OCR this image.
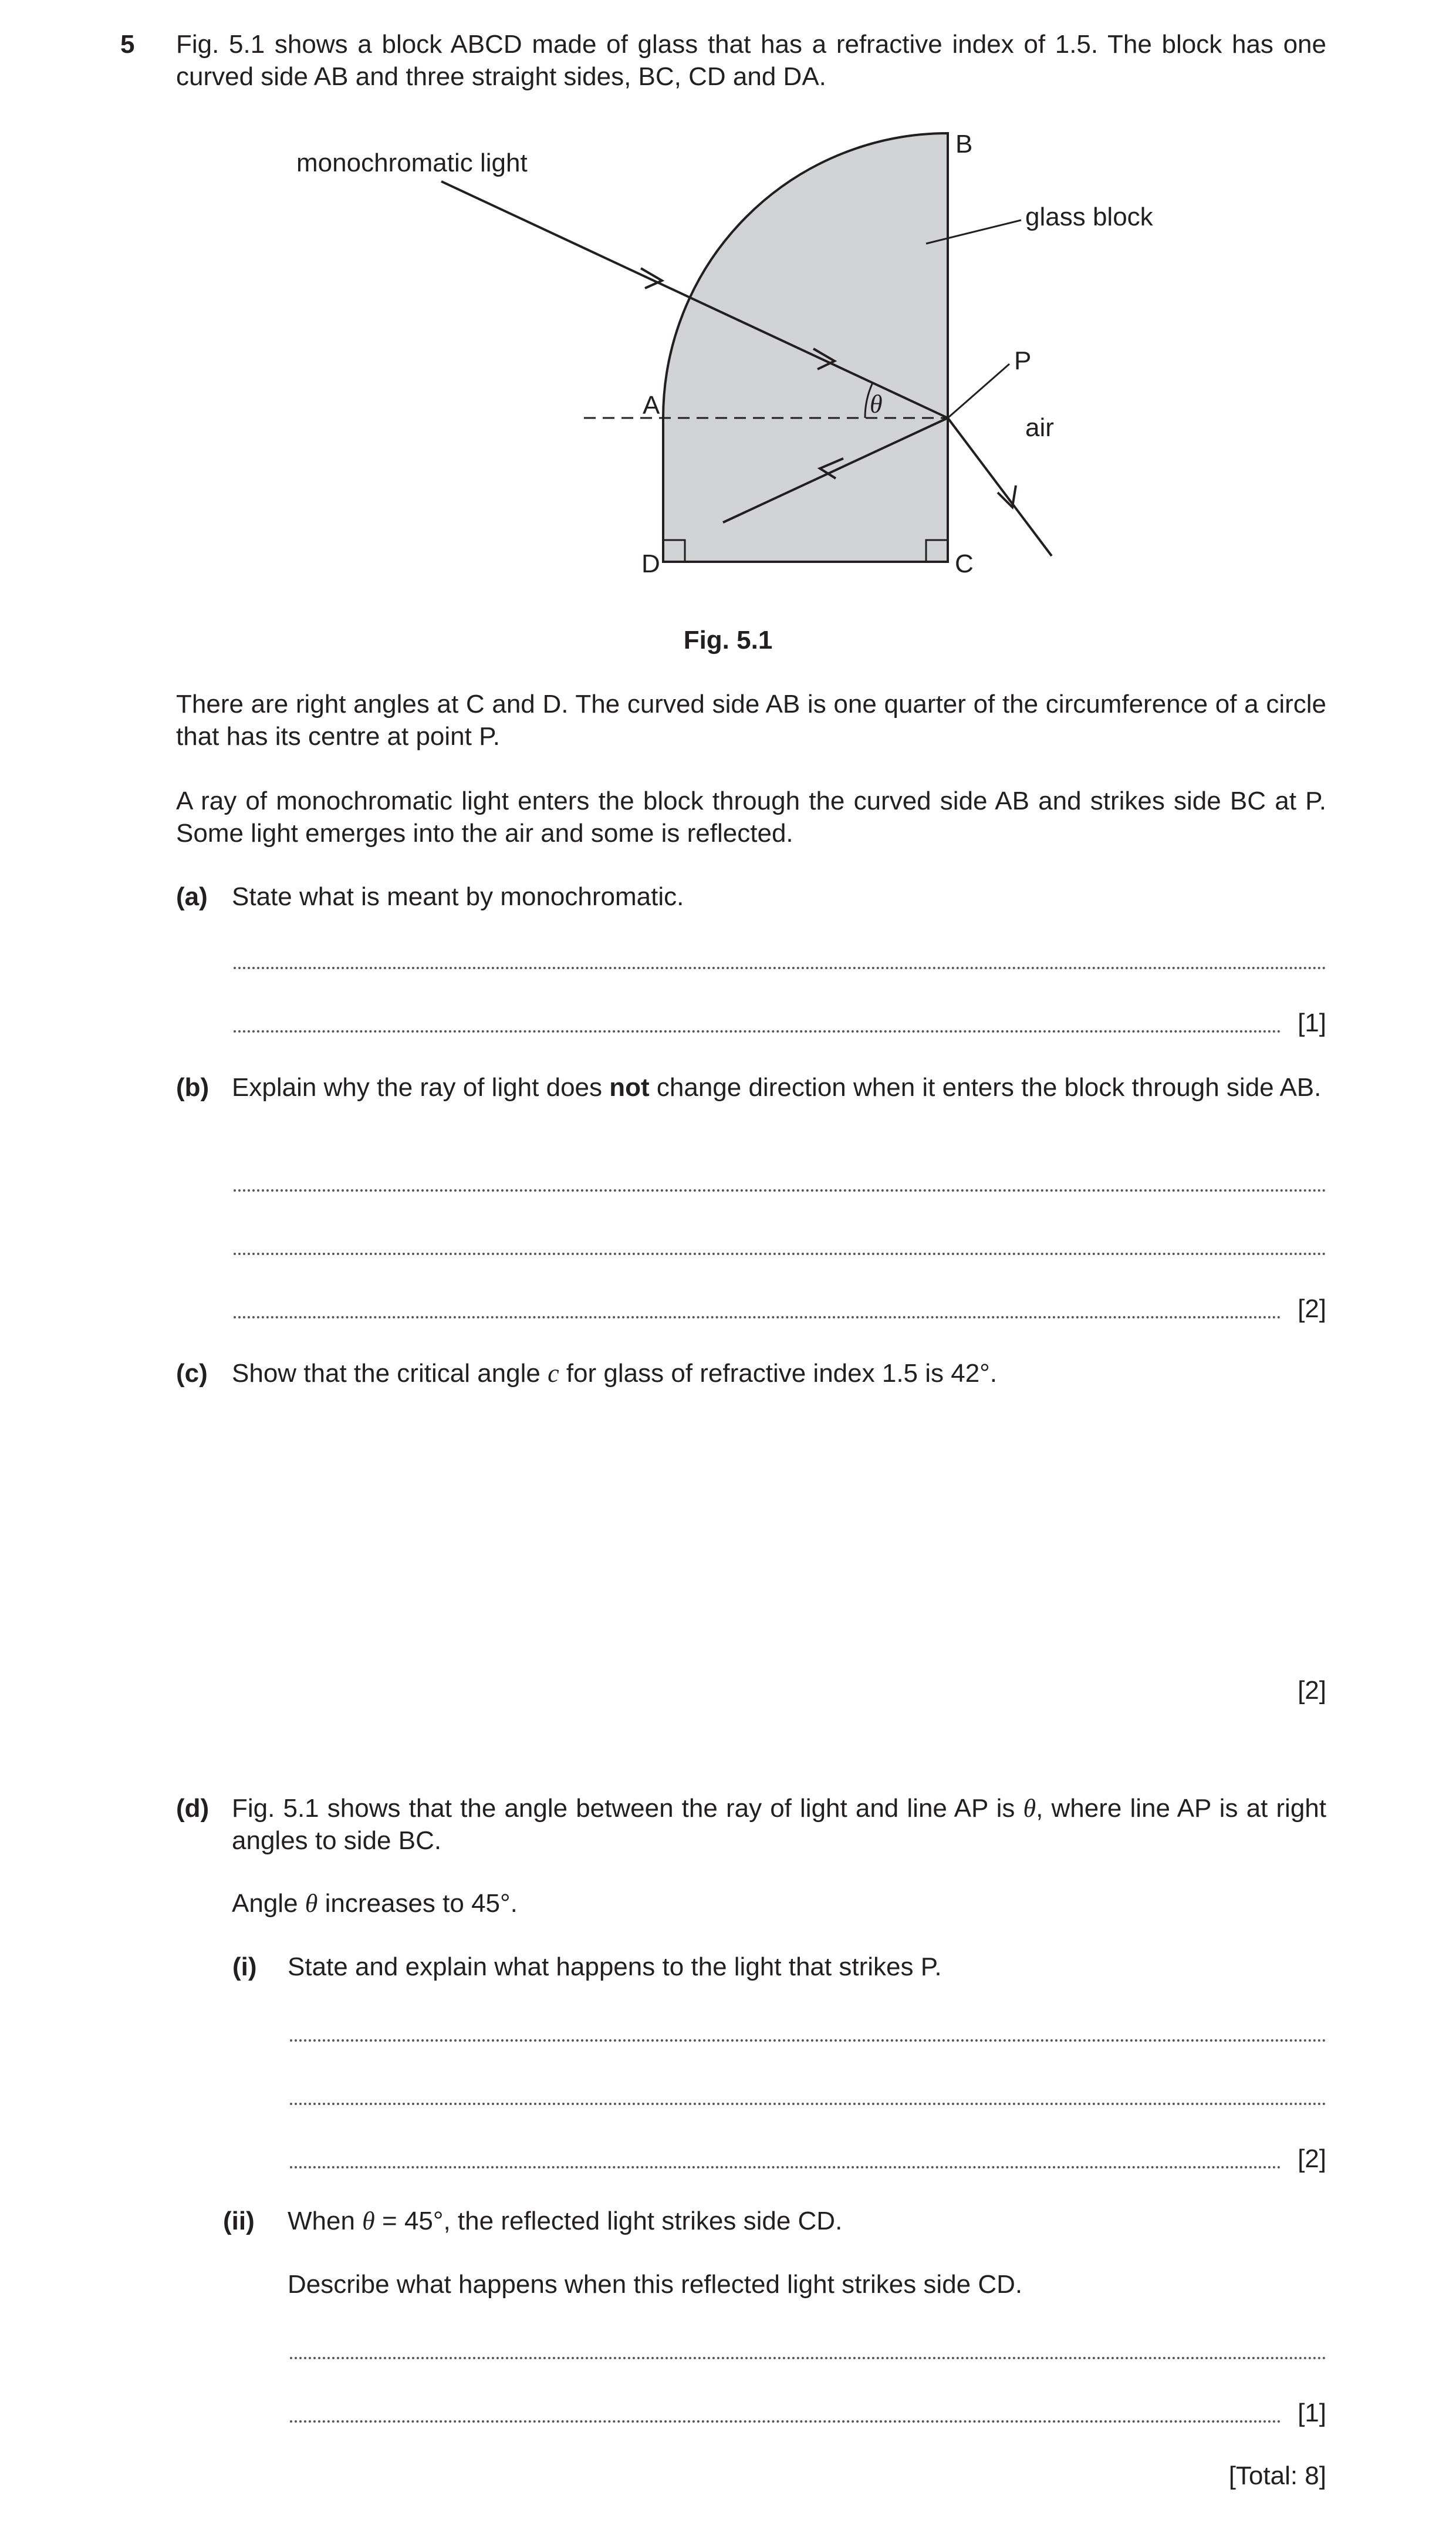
5 Fig. 5.1 shows a block ABCD made of glass that has a refractive index of 1.5. The block has one curved side AB and three straight sides, BC, CD and DA.
monochromatic light
glass block
air
B
P
A
D	C
θ
Fig. 5.1
There are right angles at C and D. The curved side AB is one quarter of the circumference of a circle that has its centre at point P.
A ray of monochromatic light enters the block through the curved side AB and strikes side BC at P. Some light emerges into the air and some is reflected.
(a) State what is meant by monochromatic.
[1]
(b) Explain why the ray of light does not change direction when it enters the block through side AB.
[2]
(c) Show that the critical angle c for glass of refractive index 1.5 is 42°.
[2]
(d) Fig. 5.1 shows that the angle between the ray of light and line AP is θ, where line AP is at right angles to side BC.
Angle θ increases to 45°.
(i) State and explain what happens to the light that strikes P.
[2]
(ii) When θ = 45°, the reflected light strikes side CD.
Describe what happens when this reflected light strikes side CD.
[1]
[Total: 8]
